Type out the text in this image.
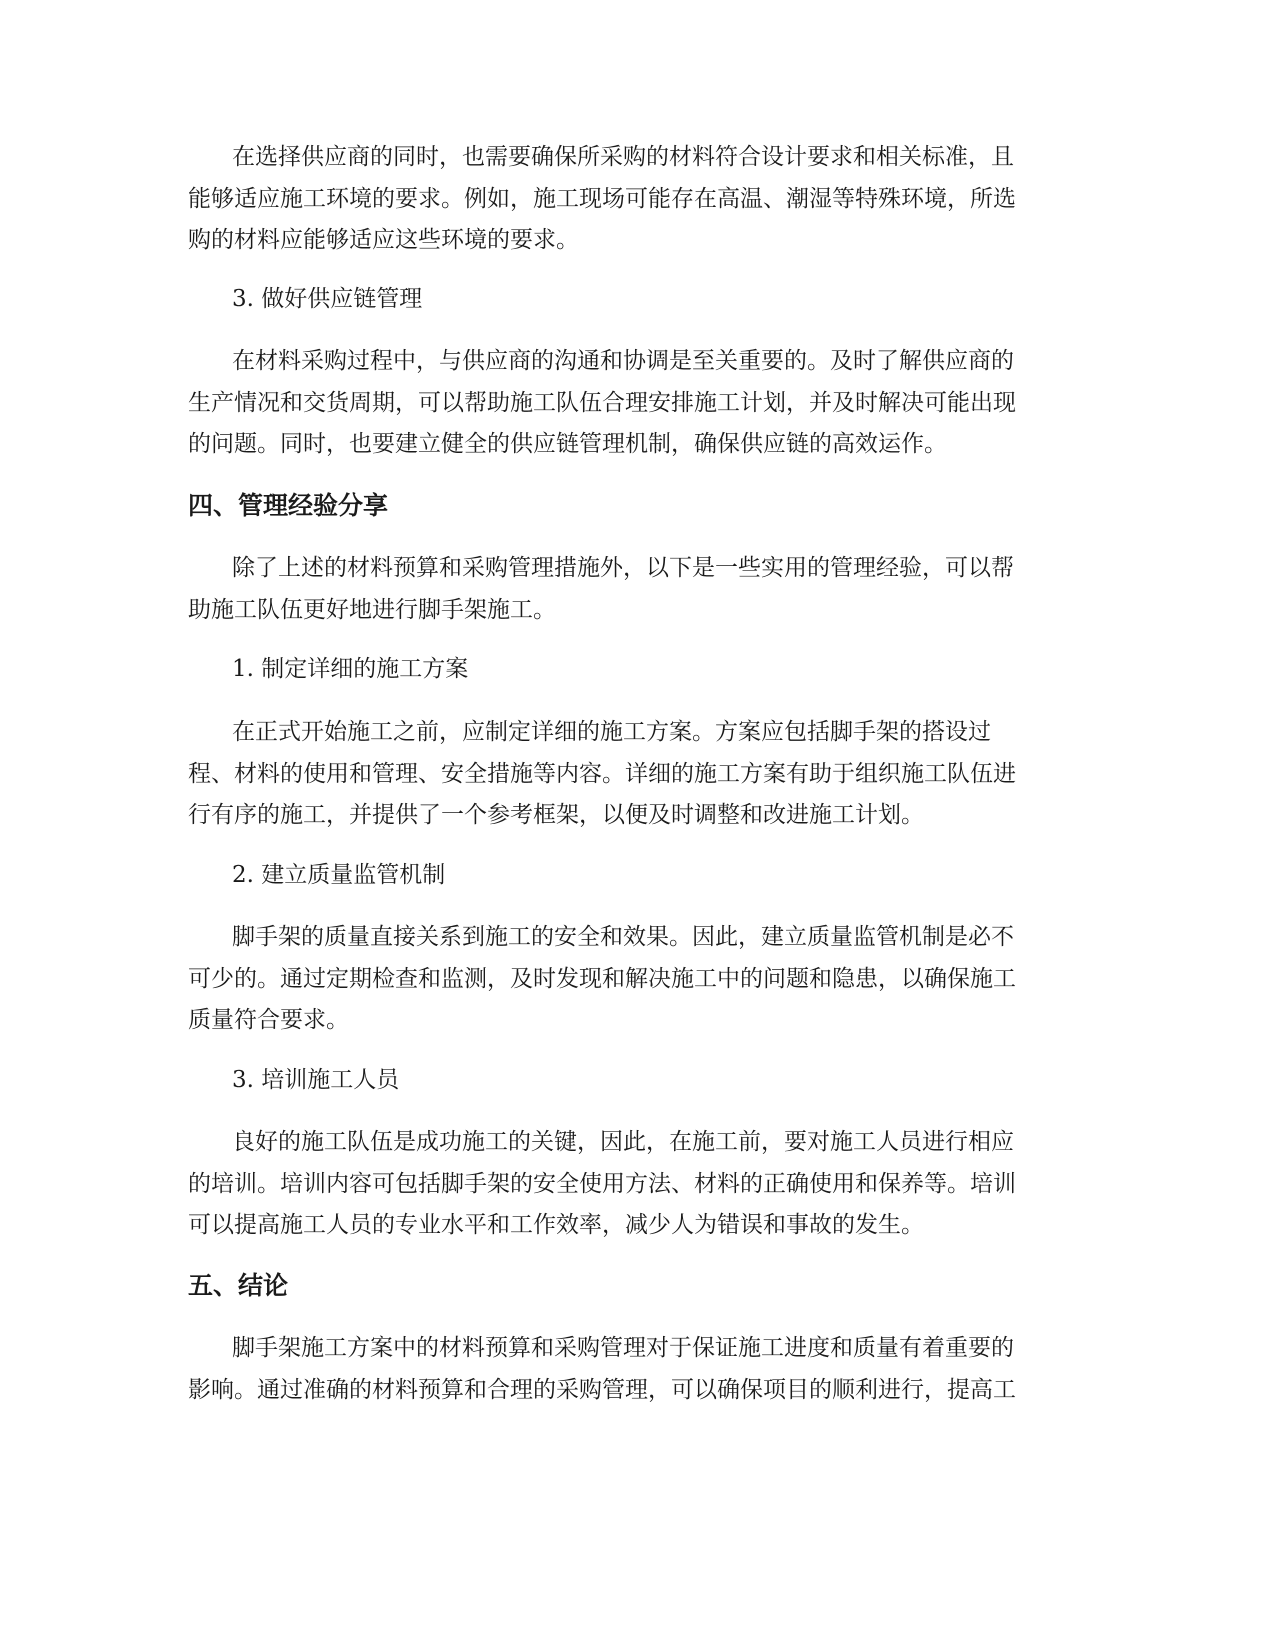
在选择供应商的同时，也需要确保所采购的材料符合设计要求和相关标准，且
能够适应施工环境的要求。例如，施工现场可能存在高温、潮湿等特殊环境，所选
购的材料应能够适应这些环境的要求。
3. 做好供应链管理
在材料采购过程中，与供应商的沟通和协调是至关重要的。及时了解供应商的
生产情况和交货周期，可以帮助施工队伍合理安排施工计划，并及时解决可能出现
的问题。同时，也要建立健全的供应链管理机制，确保供应链的高效运作。
四、管理经验分享
除了上述的材料预算和采购管理措施外，以下是一些实用的管理经验，可以帮
助施工队伍更好地进行脚手架施工。
1. 制定详细的施工方案
在正式开始施工之前，应制定详细的施工方案。方案应包括脚手架的搭设过
程、材料的使用和管理、安全措施等内容。详细的施工方案有助于组织施工队伍进
行有序的施工，并提供了一个参考框架，以便及时调整和改进施工计划。
2. 建立质量监管机制
脚手架的质量直接关系到施工的安全和效果。因此，建立质量监管机制是必不
可少的。通过定期检查和监测，及时发现和解决施工中的问题和隐患，以确保施工
质量符合要求。
3. 培训施工人员
良好的施工队伍是成功施工的关键，因此，在施工前，要对施工人员进行相应
的培训。培训内容可包括脚手架的安全使用方法、材料的正确使用和保养等。培训
可以提高施工人员的专业水平和工作效率，减少人为错误和事故的发生。
五、结论
脚手架施工方案中的材料预算和采购管理对于保证施工进度和质量有着重要的
影响。通过准确的材料预算和合理的采购管理，可以确保项目的顺利进行，提高工
